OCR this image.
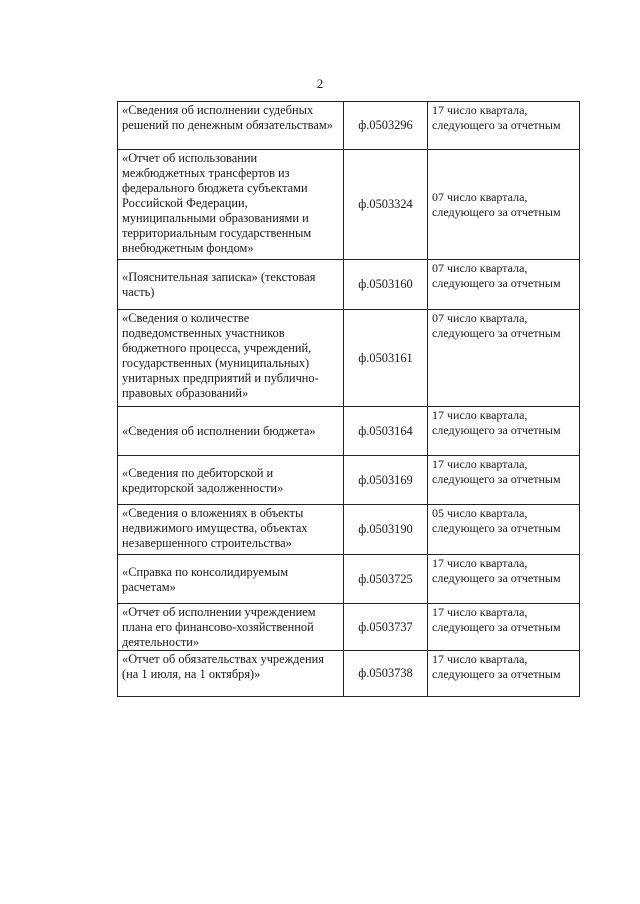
2
«Сведения об исполнении судебных решений по денежным обязательствам»	ф.0503296	17 число квартала, следующего за отчетным
«Отчет об использовании межбюджетных трансфертов из федерального бюджета субъектами Российской Федерации, муниципальными образованиями и территориальным государственным внебюджетным фондом»	ф.0503324	07 число квартала, следующего за отчетным
«Пояснительная записка» (текстовая часть)	ф.0503160	07 число квартала, следующего за отчетным
«Сведения о количестве подведомственных участников бюджетного процесса, учреждений, государственных (муниципальных) унитарных предприятий и публично-правовых образований»	ф.0503161	07 число квартала, следующего за отчетным
«Сведения об исполнении бюджета»	ф.0503164	17 число квартала, следующего за отчетным
«Сведения по дебиторской и кредиторской задолженности»	ф.0503169	17 число квартала, следующего за отчетным
«Сведения о вложениях в объекты недвижимого имущества, объектах незавершенного строительства»	ф.0503190	05 число квартала, следующего за отчетным
«Справка по консолидируемым расчетам»	ф.0503725	17 число квартала, следующего за отчетным
«Отчет об исполнении учреждением плана его финансово-хозяйственной деятельности»	ф.0503737	17 число квартала, следующего за отчетным
«Отчет об обязательствах учреждения (на 1 июля, на 1 октября)»	ф.0503738	17 число квартала, следующего за отчетным
